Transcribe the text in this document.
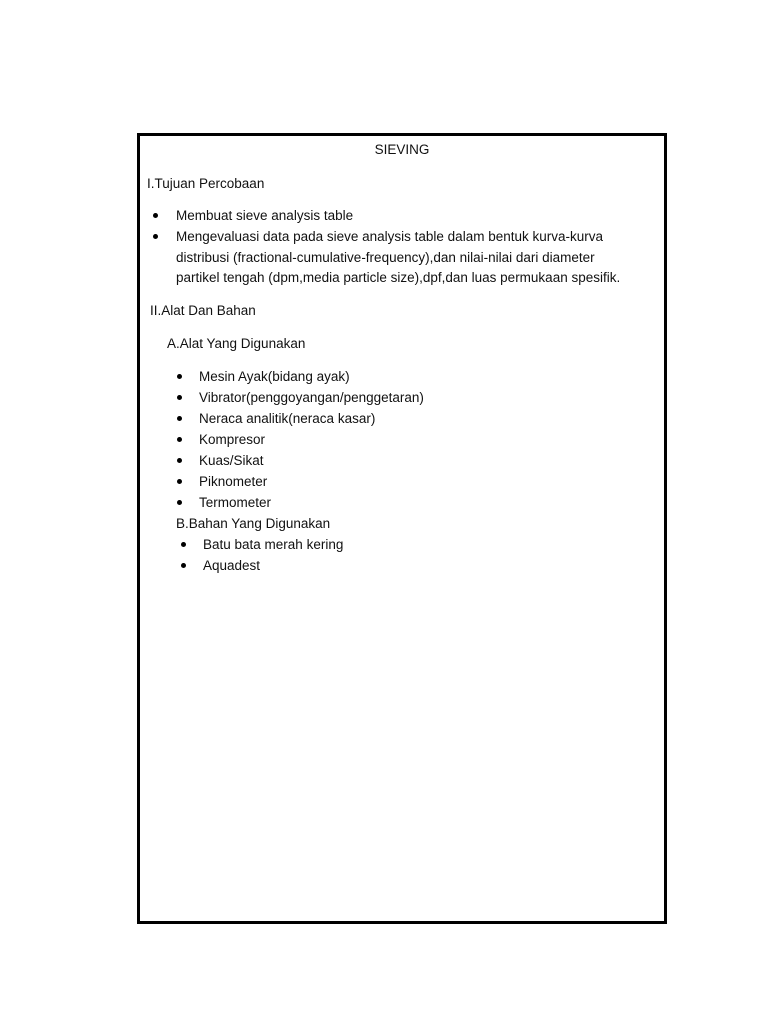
SIEVING
I.Tujuan Percobaan
Membuat sieve analysis table
Mengevaluasi data pada sieve analysis table dalam bentuk kurva-kurva
distribusi (fractional-cumulative-frequency),dan nilai-nilai dari diameter
partikel tengah (dpm,media particle size),dpf,dan luas permukaan spesifik.
II.Alat Dan Bahan
A.Alat Yang Digunakan
Mesin Ayak(bidang ayak)
Vibrator(penggoyangan/penggetaran)
Neraca analitik(neraca kasar)
Kompresor
Kuas/Sikat
Piknometer
Termometer
B.Bahan Yang Digunakan
Batu bata merah kering
Aquadest
